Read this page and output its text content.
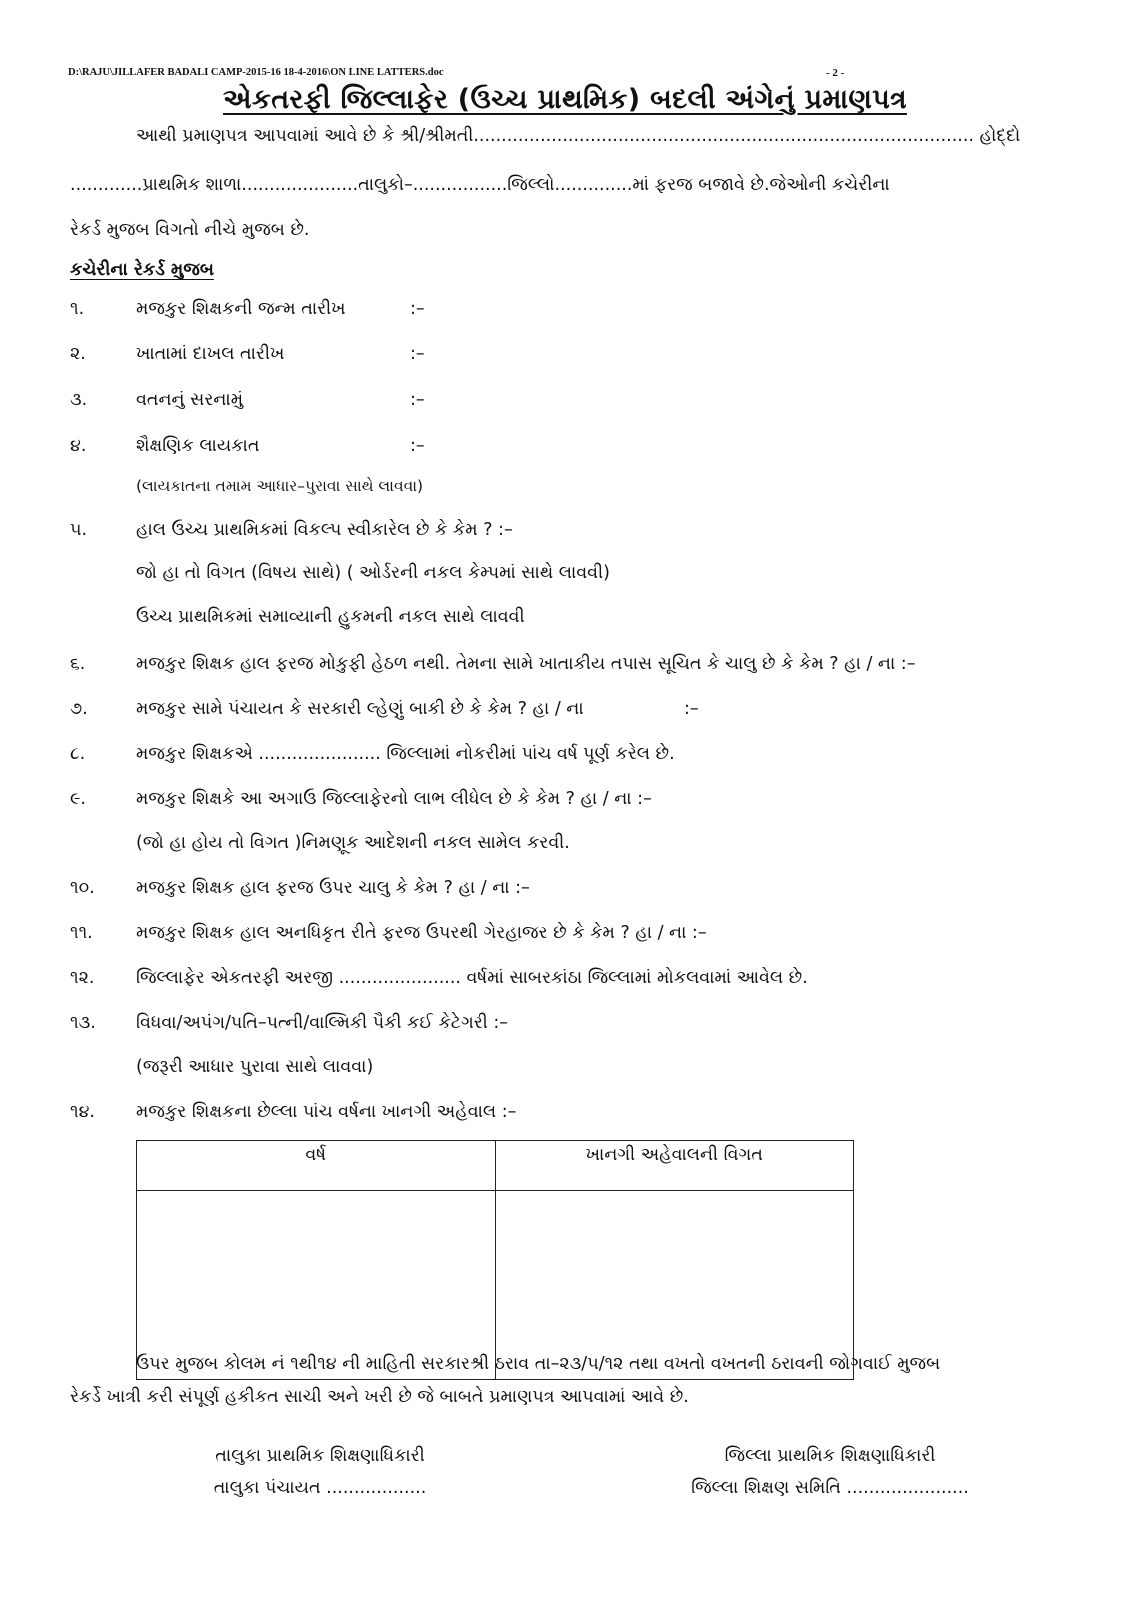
D:\RAJU\JILLAFER BADALI CAMP-2015-16 18-4-2016\ON LINE LATTERS.doc	- 2 -
એકતરફી જિલ્લાફેર (ઉચ્ચ પ્રાથમિક) બદલી અંગેનું પ્રમાણપત્ર
આથી પ્રમાણપત્ર આપવામાં આવે છે કે શ્રી/શ્રીમતી.......................................................................................... હોદ્દો
.............પ્રાથમિક શાળા.....................તાલુકો–.................જિલ્લો..............માં ફરજ બજાવે છે.જેઓની કચેરીના
રેકર્ડ મુજબ વિગતો નીચે મુજબ છે.
કચેરીના રેકર્ડ મુજબ
૧.	મજકુર શિક્ષકની જન્મ તારીખ	:–
૨.	ખાતામાં દાખલ તારીખ	:–
૩.	વતનનું સરનામું	:–
૪.	શૈક્ષણિક લાયકાત	:–
(લાયકાતના તમામ આધાર–પુરાવા સાથે લાવવા)
૫.	હાલ ઉચ્ચ પ્રાથમિકમાં વિકલ્પ સ્વીકારેલ છે કે કેમ ? :–
જો હા તો વિગત (વિષય સાથે) ( ઓર્ડરની નકલ કેમ્પમાં સાથે લાવવી)
ઉચ્ચ પ્રાથમિકમાં સમાવ્યાની હુકમની નકલ સાથે લાવવી
૬.	મજકુર શિક્ષક હાલ ફરજ મોકુફી હેઠળ નથી. તેમના સામે ખાતાકીય તપાસ સૂચિત કે ચાલુ છે કે કેમ ? હા / ના :–
૭.	મજકુર સામે પંચાયત કે સરકારી લ્હેણું બાકી છે કે કેમ ? હા / ના	:–
૮.	મજકુર શિક્ષકએ ...................... જિલ્લામાં નોકરીમાં પાંચ વર્ષ પૂર્ણ કરેલ છે.
૯.	મજકુર શિક્ષકે આ અગાઉ જિલ્લાફેરનો લાભ લીધેલ છે કે કેમ ? હા / ના :–
(જો હા હોય તો વિગત )નિમણૂક આદેશની નકલ સામેલ કરવી.
૧૦. મજકુર શિક્ષક હાલ ફરજ ઉપર ચાલુ કે કેમ ? હા / ના :–
૧૧. મજકુર શિક્ષક હાલ અનધિકૃત રીતે ફરજ ઉપરથી ગેરહાજર છે કે કેમ ? હા / ના :–
૧૨. જિલ્લાફેર એકતરફી અરજી ...................... વર્ષમાં સાબરકાંઠા જિલ્લામાં મોકલવામાં આવેલ છે.
૧૩. વિધવા/અપંગ/પતિ–પત્ની/વાલ્મિકી પૈકી કઈ કેટેગરી :–
(જરૂરી આધાર પુરાવા સાથે લાવવા)
૧૪. મજકુર શિક્ષકના છેલ્લા પાંચ વર્ષના ખાનગી અહેવાલ :–
વર્ષ	ખાનગી અહેવાલની વિગત

ઉપર મુજબ કોલમ નં ૧થી૧૪ ની માહિતી સરકારશ્રી ઠરાવ તા–૨૩/૫/૧૨ તથા વખતો વખતની ઠરાવની જોગવાઈ મુજબ
રેકર્ડે ખાત્રી કરી સંપૂર્ણ હકીકત સાચી અને ખરી છે જે બાબતે પ્રમાણપત્ર આપવામાં આવે છે.
તાલુકા પ્રાથમિક શિક્ષણાધિકારી
તાલુકા પંચાયત ..................
જિલ્લા પ્રાથમિક શિક્ષણાધિકારી
જિલ્લા શિક્ષણ સમિતિ ......................
